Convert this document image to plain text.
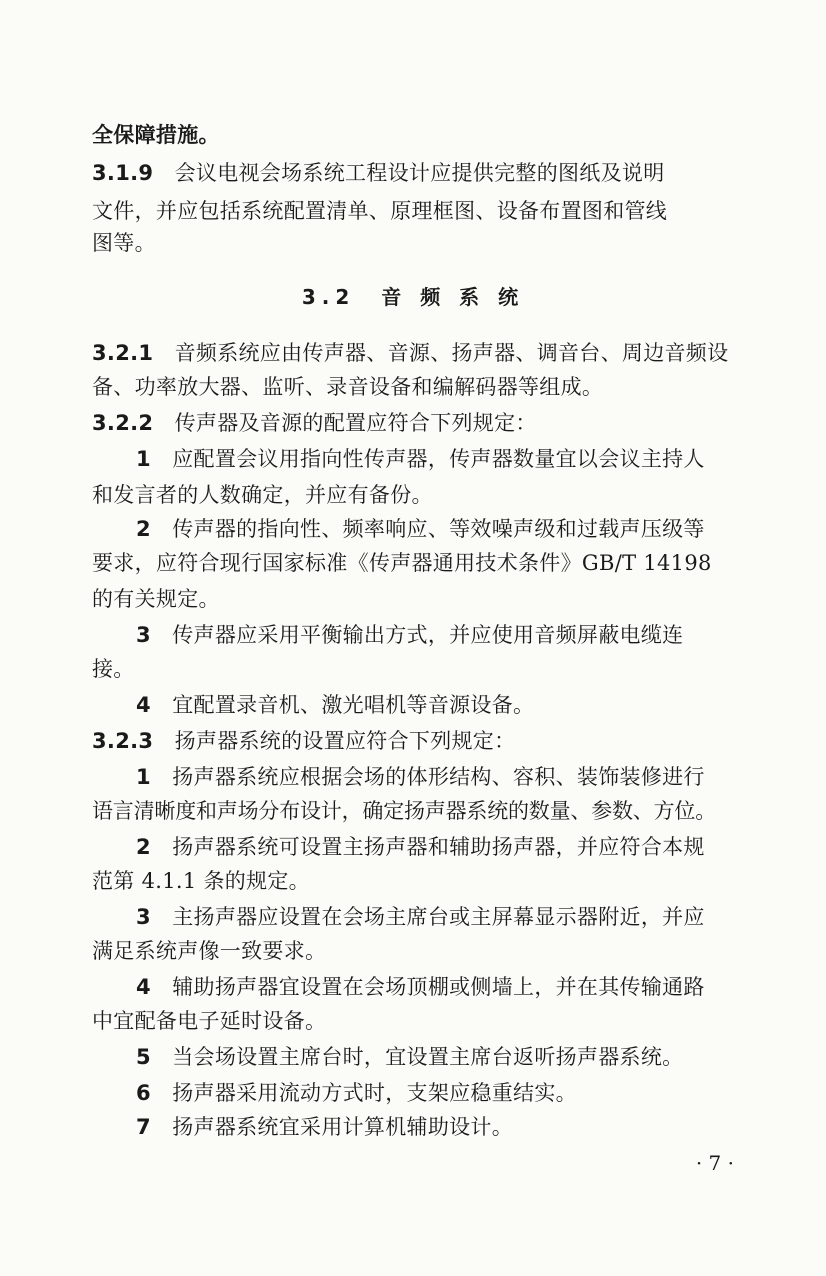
全保障措施。

3.1.9　 会议电视会场系统工程设计应提供完整的图纸及说明

文件，并应包括系统配置清单、原理框图、设备布置图和管线

图等。

3.2　音 频 系 统

3.2.1　 音频系统应由传声器、音源、扬声器、调音台、周边音频设

备、功率放大器、监听、录音设备和编解码器等组成。

3.2.2　 传声器及音源的配置应符合下列规定：

1　 应配置会议用指向性传声器，传声器数量宜以会议主持人

和发言者的人数确定，并应有备份。

2　 传声器的指向性、频率响应、等效噪声级和过载声压级等

要求，应符合现行国家标准《传声器通用技术条件》GB/T 14198

的有关规定。

3　 传声器应采用平衡输出方式，并应使用音频屏蔽电缆连

接。

4　 宜配置录音机、激光唱机等音源设备。

3.2.3　 扬声器系统的设置应符合下列规定：

1　 扬声器系统应根据会场的体形结构、容积、装饰装修进行

语言清晰度和声场分布设计，确定扬声器系统的数量、参数、方位。

2　 扬声器系统可设置主扬声器和辅助扬声器，并应符合本规

范第 4.1.1 条的规定。

3　 主扬声器应设置在会场主席台或主屏幕显示器附近，并应

满足系统声像一致要求。

4　 辅助扬声器宜设置在会场顶棚或侧墙上，并在其传输通路

中宜配备电子延时设备。

5　 当会场设置主席台时，宜设置主席台返听扬声器系统。

6　 扬声器采用流动方式时，支架应稳重结实。

7　 扬声器系统宜采用计算机辅助设计。

· 7 ·
